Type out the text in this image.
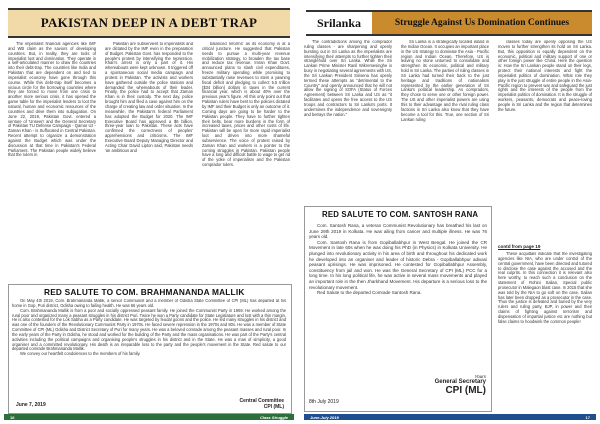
PAKISTAN DEEP IN A DEBT TRAP

The imperialist financial agencies like IMF and WB claim as the saviors of developing countries. But, in reality, they are tools of imperialist loot and domination. They operate in a self-articulated manner to draw the countries into their debt-trap. The countries like India and Pakistan that are dependent on and tied to imperialist economy have gone through this course. While this debt-trap itself becomes a vicious circle for the borrowing countries where they are forced to move from one crisis to another more serious crisis, it has opened the game table for the imperialist lenders to loot the natural, human and economic resources of the countries and drive them into subjugation. On June 22, 2019, Pakistan Govt. entered a venture of 'Unseen' and the General Secretary of Pakistan TU Defense Campaign - Qamar Uz - Zaman Khan - is Suffocated in Central Pakistan. Recent attempt to organize a demonstration against the Budget which was under the discussion at that time in Pakistan's Federal Parliament. The Pakistan people widely believe that the rulers in

Pakistan are subservient to imperialists and are dictated by the IMF even in the preparation of Budget. Pakistan Govt. has responded to the people's protest by intensifying the repression. Khan's arrest is only a part of it. His whereabouts were kept unknown. It triggered off a spontaneous social media campaign and protest in Pakistan. The activists and workers have gathered outside the police stations and demanded the whereabouts of their leader. Finally, the police had to accept that Zaman Khan is in their custody. The next day, police brought him and filed a case against him on the charge of creating law and order situation. In the meanwhile, the Pakistan's federal Parliament has adopted the Budget for 2020. The IMF Executive Board has approved a $6 billion, three-year loan to Pakistan. These acts have confirmed the correctness of peoples' apprehensions and criticisms. The IMF Executive Board Deputy Managing Director and Acting Chair David Lipton said, Pakistan needs 'an ambitious and

balanced reforms' as its economy is at a critical juncture. He suggested that Pakistan needs to pursue a multi-year revenue mobilization strategy, to broaden the tax base and reduce tax revenue. Imran Khan Govt. announced plans to slash civil expenditures, freeze military spending while promising to substantially raise revenues to stem a yawning fiscal deficit and pledging to collect 5.5 trillion ($34 billion) dollars in taxes in the current financial year, which is about 40% over the previous year's figure. All this only point out that Pakistan rulers have bent to the policies dictated by IMF and their Budget is only an outcome of it. Coming days are going to be harder to the Pakistan people. They have to further tighten their belts, bear more burdens in the form of increased taxes, prices and other costs of life. Pakistan will be open for more rapid imperialist loot and driven into more shameful subservience. The voice of protest raised by Zaman Khan and workers is a pointer to the coming struggles in Pakistan. Pakistan people have a long and difficult battle to wage to get rid of the yoke of imperialism and the Pakistan comprador rulers.

RED SALUTE TO COM. BRAHMANANDA MALLIK

On May 4th 2019, Com. Brahmananda Mallik, a senior Communist and a member of Odisha State Committee of CPI (ML) has departed at his home in Gop, Puri district, Odisha owing to failing health. He was 66 years old.

Com. Brahmananda Mallik is from a poor and socially oppressed peasant family. He joined the Communist Party in 1969. He worked among the rural poor and organized many a peasant struggles in his district Puri. Twice he won a Party candidate for State Legislature and lost with a thin margin. He is also contested for the Lok Sabha as a Party candidate. He was targeted by feudal goons and the police. He led many struggles in his district and was one of the founders of the Revolutionary Communist Party in 1970s. He faced severe repression in the 1970s and 80s. He was a member of State Committee of CPI (ML) Odisha and District Secretary of Puri for many years. He was a beloved comrade among the peasant masses and rural poor. In the early years of the Party in Odisha, he stood and worked for the building of the Party and the mass organisations. He was part of the Party's central activities including the political campaigns and organising people's struggles in his district and in the State. He was a man of simplicity, a good organiser and a committed revolutionary. His death is an irreparable loss to the party and the people's movement in the State. Red salute to our departed comrade Brahmananda Mallik.

We convey our heartfelt condolences to the members of his family.

June 7, 2019
Central Committee
CPI (ML)
16	Class Struggle
Srilanka	Struggle Against Us Domination Continues

The contradictions among the comprador ruling classes - are sharpening and openly bursting out in Sri Lanka as the imperialists are intensifying their attempts to further tighten their stranglehold over Sri Lanka. While the Sri Lankan Prime Minister Ranil Wikremesinghe is busy in negotiating several agreements with US, the Sri Lankan President Sirisena has openly termed these attempts as "detrimental to the Country" and openly announced that he will not allow the signing of SOFA (Status of Forces Agreement) between Sri Lanka and US as "it facilitates and opens the free access to the US troops and contractors to Sri Lanka's ports. It undermines the independence and sovereignty and betrays the nation."

Sri Lanka is a strategically located island in the Indian Ocean. It occupies an important place in the US strategy to dominate the Asia - Pacific region and Indian Ocean. Therefore, US is leaving no stone unturned to consolidate and strengthen its economic, political and military hold in Sri Lanka. The parties of ruling classes in Sri Lanka had turned their back to the just heritage and traditions of nationalism represented by the earlier generation of Sri Lanka's political leadership. As compradors, they chose to serve one or other foreign power. The US and other imperialist powers are using this to their advantage and the rival ruling class factions in Sri Lanka also know that they have become a tool for this. True, one section of Sri Lankan ruling

classes today are openly opposing the US moves to further strengthen its hold on Sri Lanka. But, this opposition is equally dependent on the economic, political and military support of one or other foreign power like China. Here the question is: How the Sri Lankan people stand on their legs, protect their national interests and fight the imperialist politics of domination. What role they play in the just struggle of entire people in the Asia-Pacific region to prevent war and safeguard the just rights and the interests of the people from the imperialist politics of domination. It is the struggle of workers, peasants, democrats and peace-loving people in Sri Lanka and the region that determines the future.

contd from page 19

These acquittals indicate that the investigating agencies like NIA, who are under control of the central government, have been directed and tutored to disclose the case against the accused and the real culprits. In this connection it is relevant also here worthy, to reach such a conclusion on the statement of Rohini Salian, Special public prosecutor in Malegaon blast case. In 2015 that she was told by the NIA to go soft on the case. Salian has later been dropped as a prosecutor in the case. Thus the justice is defeated and buried by the very rulers and ruling party, BJP, in power and their claims of fighting against terrorism and dispensation of impartial justice etc are nothing but false claims to hoodwink the common people!

RED SALUTE TO COM. SANTOSH RANA

Com. Santosh Rana, a veteran Communist Revolutionary has breathed his last on June 29th 2019 in Kolkata. He was ailing from cancer and multiple illness. He was 76 years old.

Com. Santosh Rana is from Gopiballabhpur in West Bengal. He joined the CR Movement in late 60s when he was doing his PhD (in Physics) in Kolkata University. He plunged into revolutionary activity in his area of birth and throughout his dedicated work he developed into an organiser and leader of historic Debra - Gopiballabhpur adivasi peasant uprisings. He was imprisoned. He contested for Gopiballabhpur Assembly, constituency from jail and won. He was the General Secretary of CPI (ML) PCC for a long time. In his long political life, he was active in several mass movements and played an important role in the then Jharkhand Movement. His departure is a serious loss to the revolutionary movement.

Red Salute to the departed Comrade Santosh Rana.

8th July 2019
Yours
General Secretary
CPI (ML)
June-July 2019	17
